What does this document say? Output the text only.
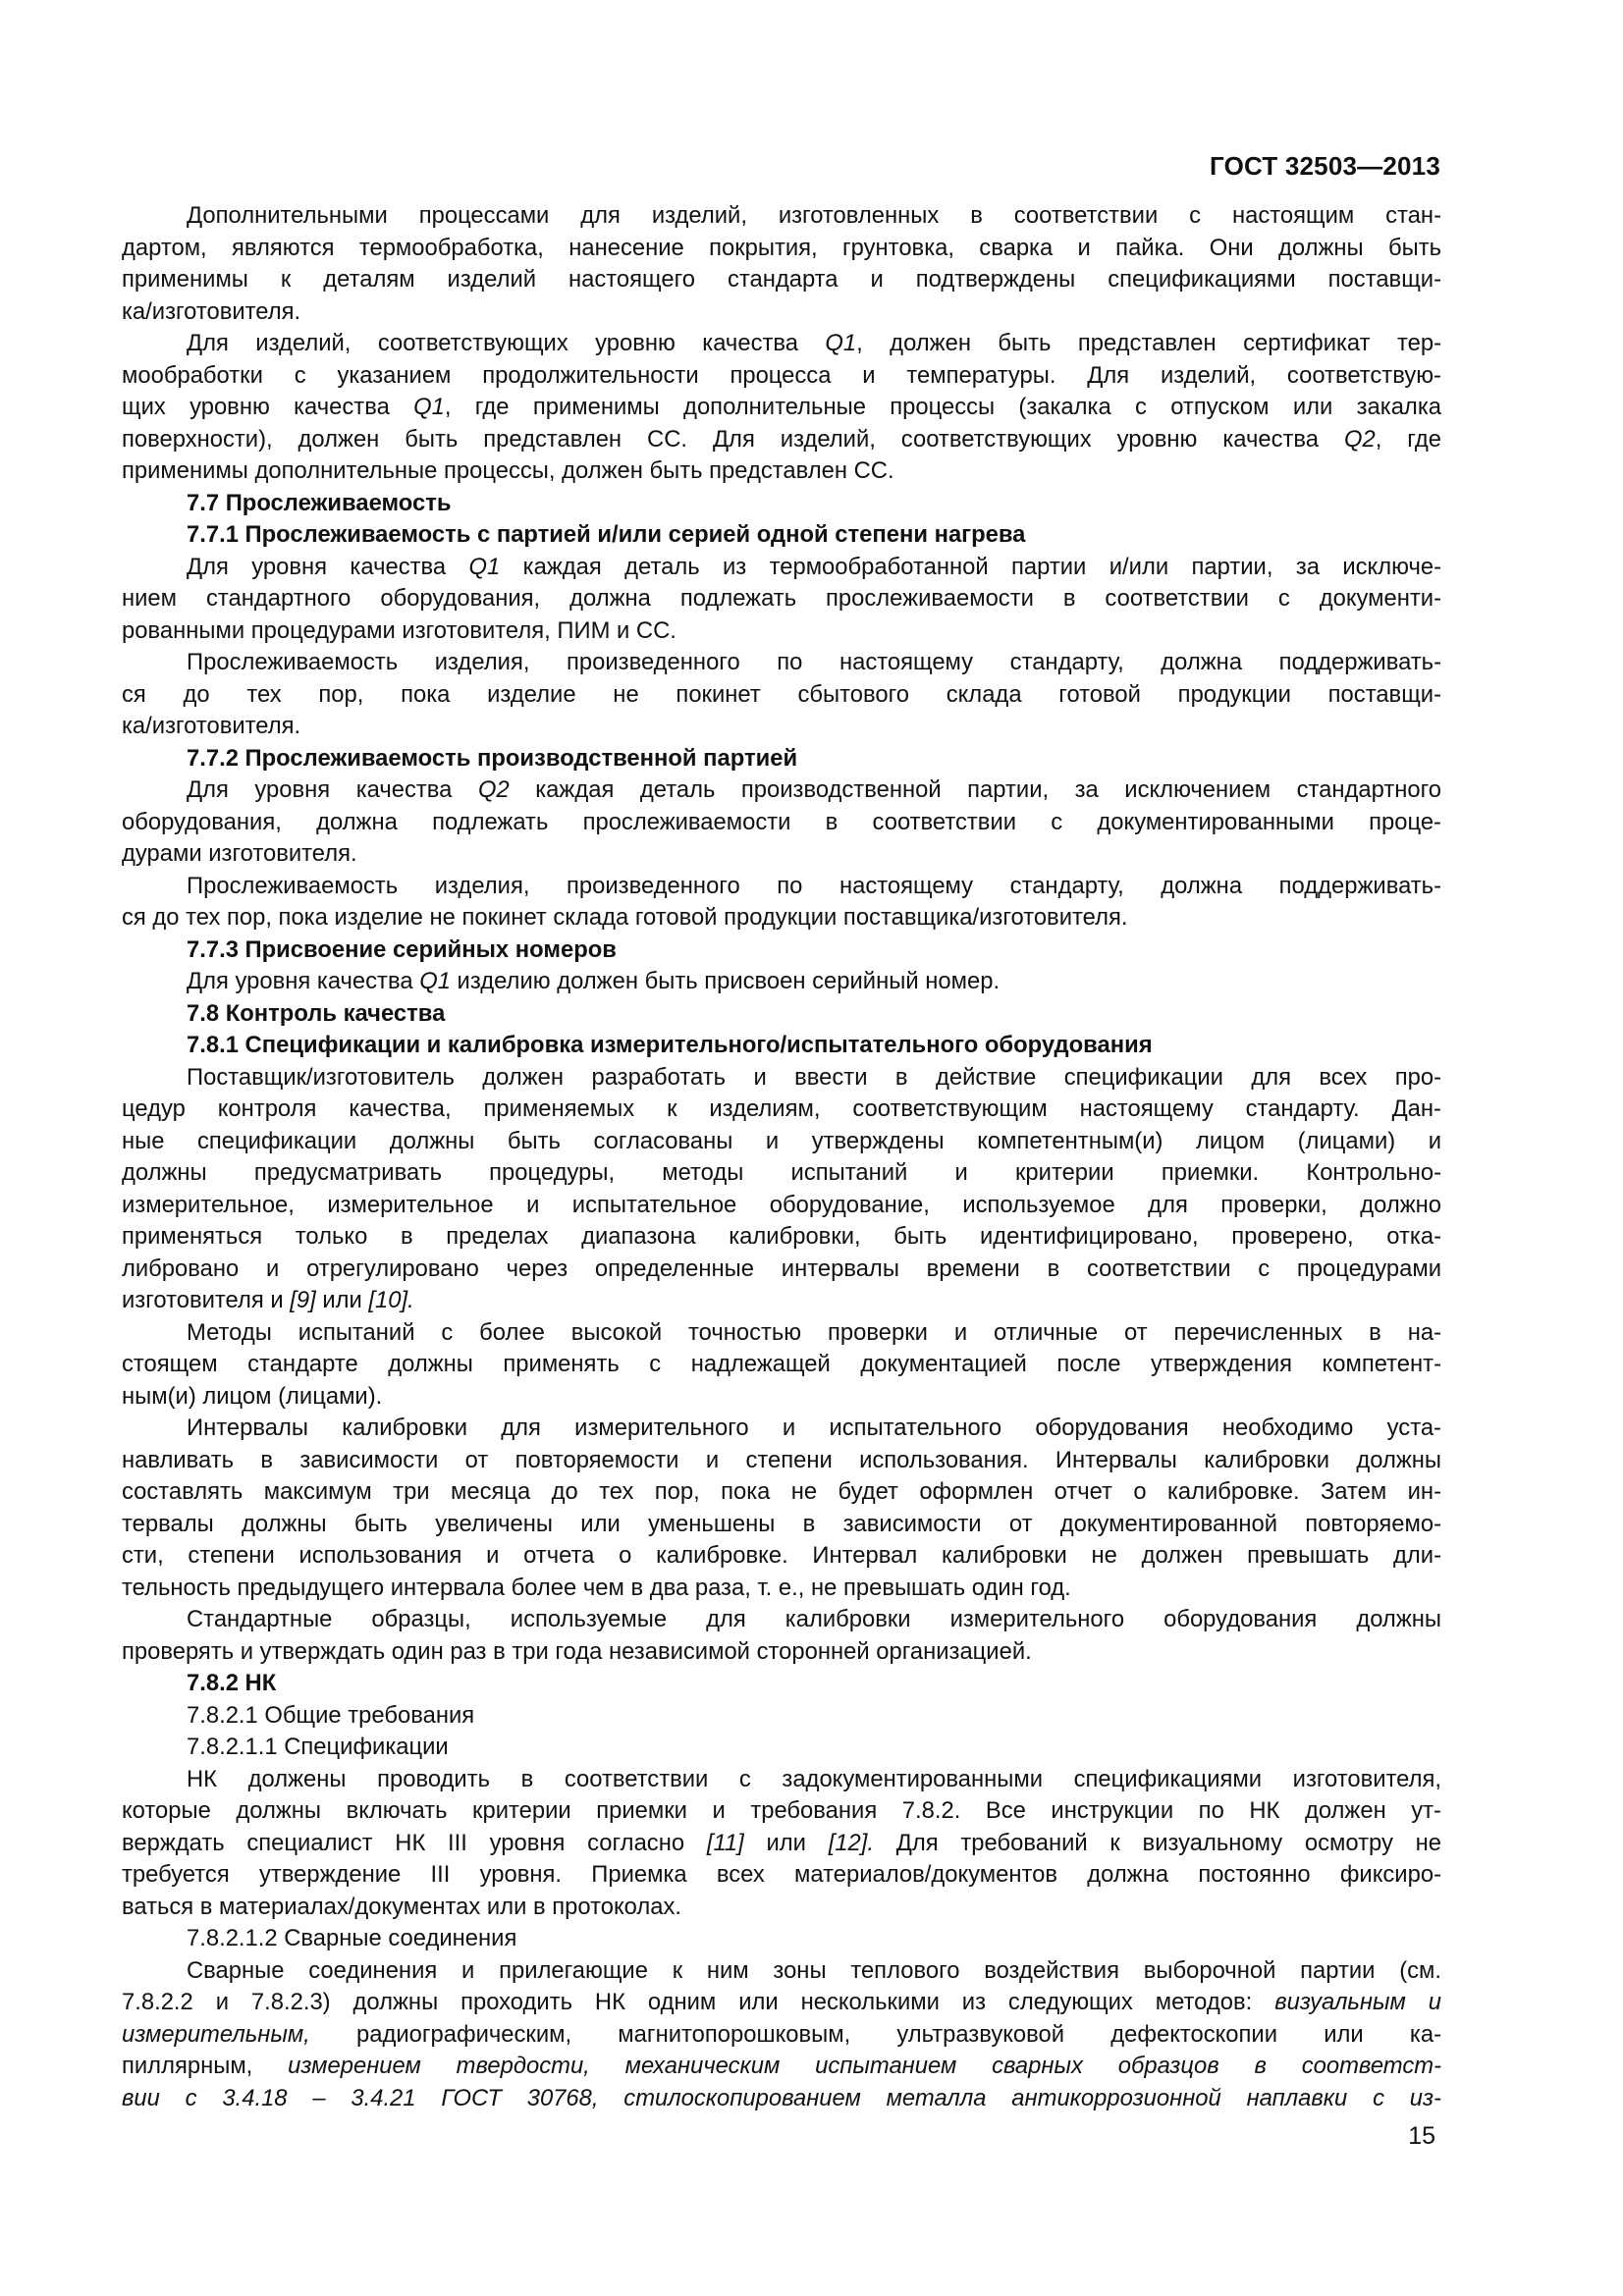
ГОСТ 32503—2013
Дополнительными процессами для изделий, изготовленных в соответствии с настоящим стан-
дартом, являются термообработка, нанесение покрытия, грунтовка, сварка и пайка. Они должны быть
применимы к деталям изделий настоящего стандарта и подтверждены спецификациями поставщи-
ка/изготовителя.
Для изделий, соответствующих уровню качества Q1, должен быть представлен сертификат тер-
мообработки с указанием продолжительности процесса и температуры. Для изделий, соответствую-
щих уровню качества Q1, где применимы дополнительные процессы (закалка с отпуском или закалка
поверхности), должен быть представлен СС. Для изделий, соответствующих уровню качества Q2, где
применимы дополнительные процессы, должен быть представлен СС.
7.7 Прослеживаемость
7.7.1 Прослеживаемость с партией и/или серией одной степени нагрева
Для уровня качества Q1 каждая деталь из термообработанной партии и/или партии, за исключе-
нием стандартного оборудования, должна подлежать прослеживаемости в соответствии с документи-
рованными процедурами изготовителя, ПИМ и СС.
Прослеживаемость изделия, произведенного по настоящему стандарту, должна поддерживать-
ся до тех пор, пока изделие не покинет сбытового склада готовой продукции поставщи-
ка/изготовителя.
7.7.2 Прослеживаемость производственной партией
Для уровня качества Q2 каждая деталь производственной партии, за исключением стандартного
оборудования, должна подлежать прослеживаемости в соответствии с документированными проце-
дурами изготовителя.
Прослеживаемость изделия, произведенного по настоящему стандарту, должна поддерживать-
ся до тех пор, пока изделие не покинет склада готовой продукции поставщика/изготовителя.
7.7.3 Присвоение серийных номеров
Для уровня качества Q1 изделию должен быть присвоен серийный номер.
7.8 Контроль качества
7.8.1 Спецификации и калибровка измерительного/испытательного оборудования
Поставщик/изготовитель должен разработать и ввести в действие спецификации для всех про-
цедур контроля качества, применяемых к изделиям, соответствующим настоящему стандарту. Дан-
ные спецификации должны быть согласованы и утверждены компетентным(и) лицом (лицами) и
должны предусматривать процедуры, методы испытаний и критерии приемки. Контрольно-
измерительное, измерительное и испытательное оборудование, используемое для проверки, должно
применяться только в пределах диапазона калибровки, быть идентифицировано, проверено, отка-
либровано и отрегулировано через определенные интервалы времени в соответствии с процедурами
изготовителя и [9] или [10].
Методы испытаний с более высокой точностью проверки и отличные от перечисленных в на-
стоящем стандарте должны применять с надлежащей документацией после утверждения компетент-
ным(и) лицом (лицами).
Интервалы калибровки для измерительного и испытательного оборудования необходимо уста-
навливать в зависимости от повторяемости и степени использования. Интервалы калибровки должны
составлять максимум три месяца до тех пор, пока не будет оформлен отчет о калибровке. Затем ин-
тервалы должны быть увеличены или уменьшены в зависимости от документированной повторяемо-
сти, степени использования и отчета о калибровке. Интервал калибровки не должен превышать дли-
тельность предыдущего интервала более чем в два раза, т. е., не превышать один год.
Стандартные образцы, используемые для калибровки измерительного оборудования должны
проверять и утверждать один раз в три года независимой сторонней организацией.
7.8.2 НК
7.8.2.1 Общие требования
7.8.2.1.1 Спецификации
НК должены проводить в соответствии с задокументированными спецификациями изготовителя,
которые должны включать критерии приемки и требования 7.8.2. Все инструкции по НК должен ут-
верждать специалист НК III уровня согласно [11] или [12]. Для требований к визуальному осмотру не
требуется утверждение III уровня. Приемка всех материалов/документов должна постоянно фиксиро-
ваться в материалах/документах или в протоколах.
7.8.2.1.2 Сварные соединения
Сварные соединения и прилегающие к ним зоны теплового воздействия выборочной партии (см.
7.8.2.2 и 7.8.2.3) должны проходить НК одним или несколькими из следующих методов: визуальным и
измерительным, радиографическим, магнитопорошковым, ультразвуковой дефектоскопии или ка-
пиллярным, измерением твердости, механическим испытанием сварных образцов в соответст-
вии с 3.4.18 – 3.4.21 ГОСТ 30768, стилоскопированием металла антикоррозионной наплавки с из-
15
